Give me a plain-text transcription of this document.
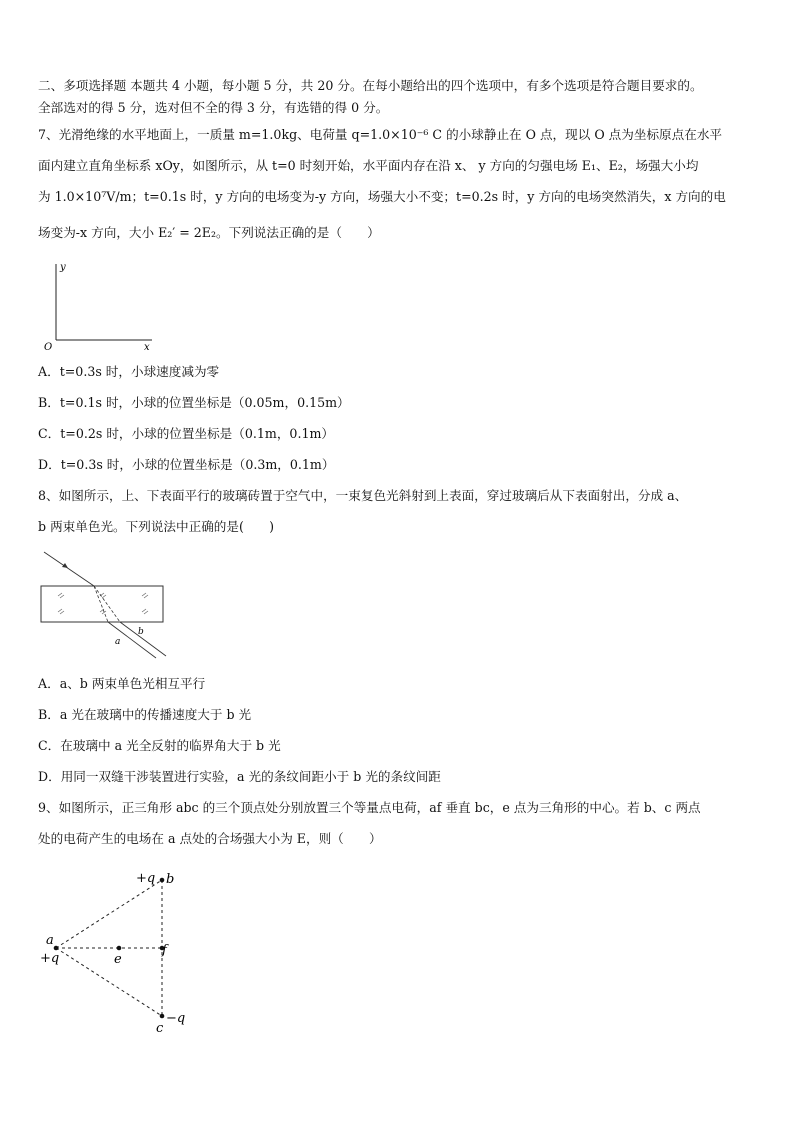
二、多项选择题 本题共 4 小题，每小题 5 分，共 20 分。在每小题给出的四个选项中，有多个选项是符合题目要求的。
全部选对的得 5 分，选对但不全的得 3 分，有选错的得 0 分。
7、光滑绝缘的水平地面上，一质量 m=1.0kg、电荷量 q=1.0×10⁻⁶ C 的小球静止在 O 点，现以 O 点为坐标原点在水平
面内建立直角坐标系 xOy，如图所示，从 t=0 时刻开始，水平面内存在沿 x、 y 方向的匀强电场 E₁、E₂，场强大小均
为 1.0×10⁷V/m；t=0.1s 时，y 方向的电场变为-y 方向，场强大小不变；t=0.2s 时，y 方向的电场突然消失，x 方向的电
场变为-x 方向，大小 E₂′ = 2E₂。下列说法正确的是（　　）
y
x
O
A．t=0.3s 时，小球速度减为零
B．t=0.1s 时，小球的位置坐标是（0.05m，0.15m）
C．t=0.2s 时，小球的位置坐标是（0.1m，0.1m）
D．t=0.3s 时，小球的位置坐标是（0.3m，0.1m）
8、如图所示，上、下表面平行的玻璃砖置于空气中，一束复色光斜射到上表面，穿过玻璃后从下表面射出，分成 a、
b 两束单色光。下列说法中正确的是(　　)
a
b
A．a、b 两束单色光相互平行
B．a 光在玻璃中的传播速度大于 b 光
C．在玻璃中 a 光全反射的临界角大于 b 光
D．用同一双缝干涉装置进行实验，a 光的条纹间距小于 b 光的条纹间距
9、如图所示，正三角形 abc 的三个顶点处分别放置三个等量点电荷，af 垂直 bc，e 点为三角形的中心。若 b、c 两点
处的电荷产生的电场在 a 点处的合场强大小为 E，则（　　）
+q b
a
+q	e
f
c
−q
